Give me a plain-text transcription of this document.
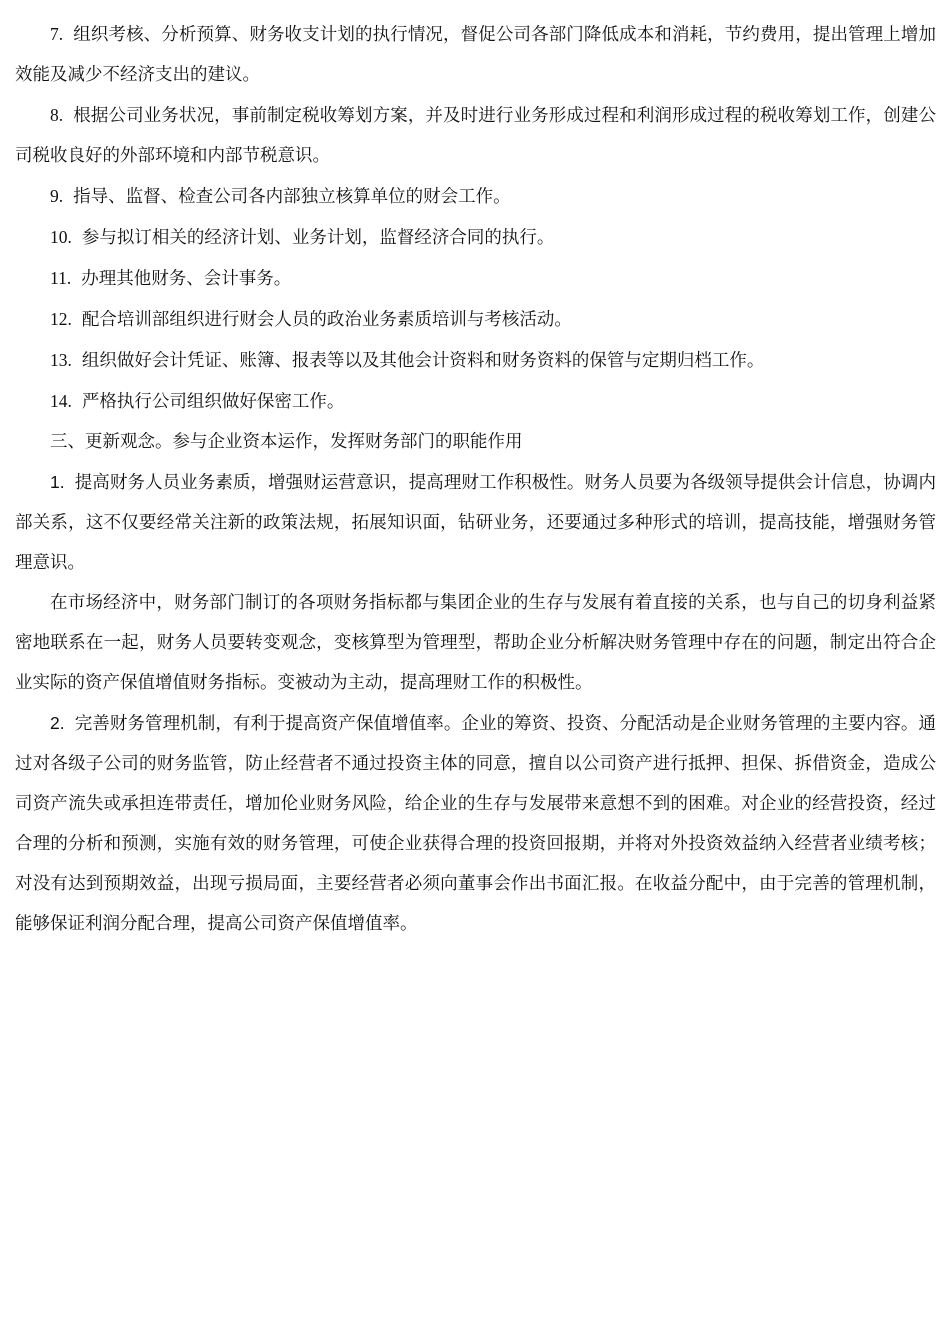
7. 组织考核、分析预算、财务收支计划的执行情况，督促公司各部门降低成本和消耗，节约费用，提出管理上增加效能及减少不经济支出的建议。

8. 根据公司业务状况，事前制定税收筹划方案，并及时进行业务形成过程和利润形成过程的税收筹划工作，创建公司税收良好的外部环境和内部节税意识。

9. 指导、监督、检查公司各内部独立核算单位的财会工作。

10. 参与拟订相关的经济计划、业务计划，监督经济合同的执行。

11. 办理其他财务、会计事务。

12. 配合培训部组织进行财会人员的政治业务素质培训与考核活动。

13. 组织做好会计凭证、账簿、报表等以及其他会计资料和财务资料的保管与定期归档工作。

14. 严格执行公司组织做好保密工作。

三、更新观念。参与企业资本运作，发挥财务部门的职能作用

1. 提高财务人员业务素质，增强财运营意识，提高理财工作积极性。财务人员要为各级领导提供会计信息，协调内部关系，这不仅要经常关注新的政策法规，拓展知识面，钻研业务，还要通过多种形式的培训，提高技能，增强财务管理意识。

在市场经济中，财务部门制订的各项财务指标都与集团企业的生存与发展有着直接的关系，也与自己的切身利益紧密地联系在一起，财务人员要转变观念，变核算型为管理型，帮助企业分析解决财务管理中存在的问题，制定出符合企业实际的资产保值增值财务指标。变被动为主动，提高理财工作的积极性。

2. 完善财务管理机制，有利于提高资产保值增值率。企业的筹资、投资、分配活动是企业财务管理的主要内容。通过对各级子公司的财务监管，防止经营者不通过投资主体的同意，擅自以公司资产进行抵押、担保、拆借资金，造成公司资产流失或承担连带责任，增加伦业财务风险，给企业的生存与发展带来意想不到的困难。对企业的经营投资，经过合理的分析和预测，实施有效的财务管理，可使企业获得合理的投资回报期，并将对外投资效益纳入经营者业绩考核；对没有达到预期效益，出现亏损局面，主要经营者必须向董事会作出书面汇报。在收益分配中，由于完善的管理机制，能够保证利润分配合理，提高公司资产保值增值率。
